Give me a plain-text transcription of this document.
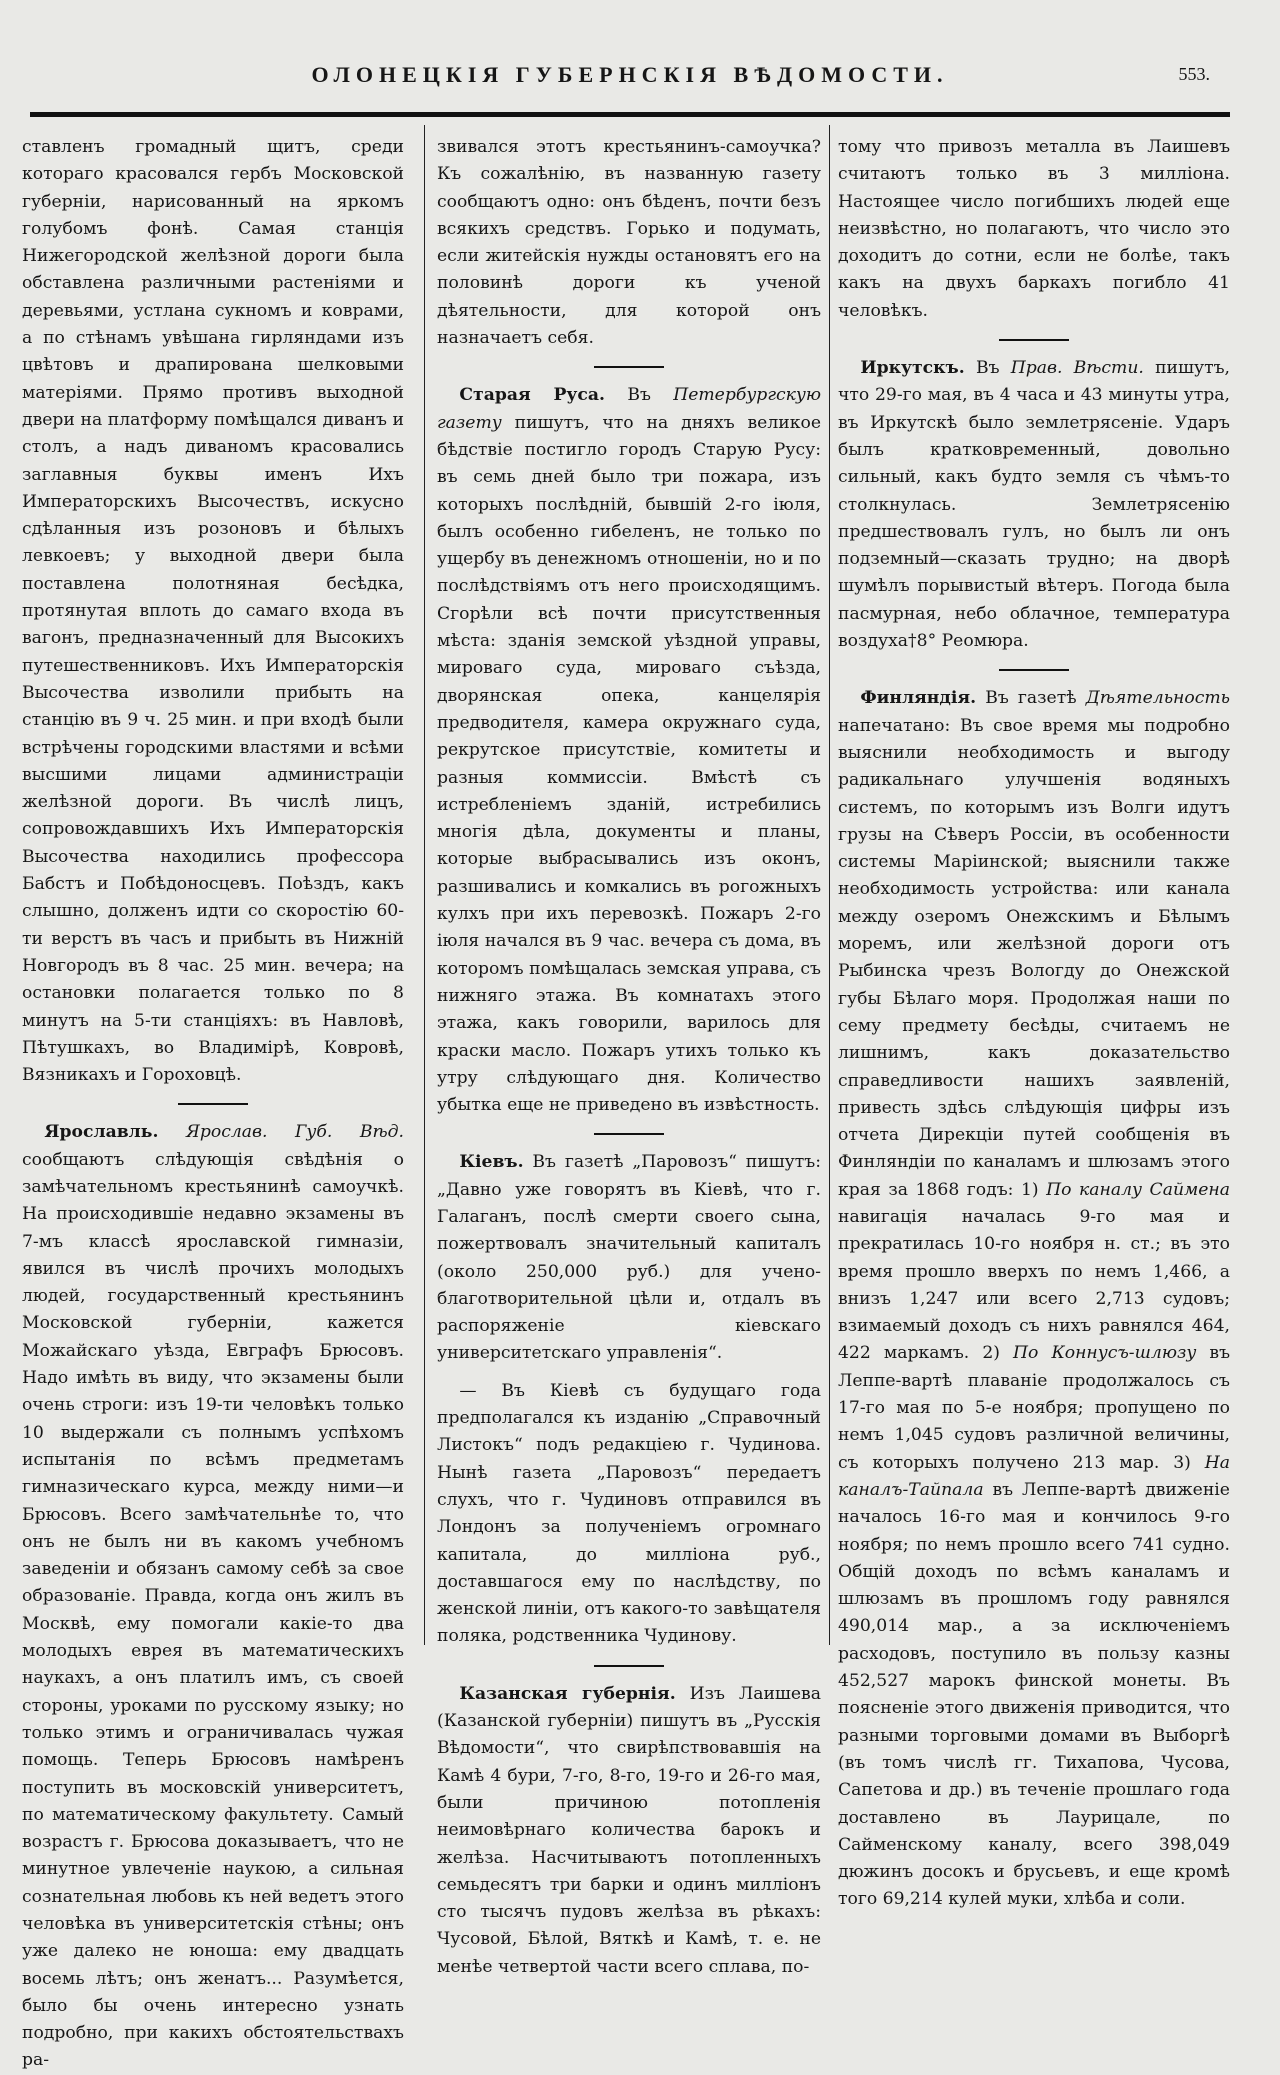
ОЛОНЕЦКІЯ ГУБЕРНСКІЯ ВѢДОМОСТИ.	553.

ставленъ громадный щитъ, среди котораго красовался гербъ Московской губерніи, нарисованный на яркомъ голубомъ фонѣ. Самая станція Нижегородской желѣзной дороги была обставлена различными растеніями и деревьями, устлана сукномъ и коврами, а по стѣнамъ увѣшана гирляндами изъ цвѣтовъ и драпирована шелковыми матеріями. Прямо противъ выходной двери на платформу помѣщался диванъ и столъ, а надъ диваномъ красовались заглавныя буквы именъ Ихъ Императорскихъ Высочествъ, искусно сдѣланныя изъ розоновъ и бѣлыхъ левкоевъ; у выходной двери была поставлена полотняная бесѣдка, протянутая вплоть до самаго входа въ вагонъ, предназначенный для Высокихъ путешественниковъ. Ихъ Императорскія Высочества изволили прибыть на станцію въ 9 ч. 25 мин. и при входѣ были встрѣчены городскими властями и всѣми высшими лицами администраціи желѣзной дороги. Въ числѣ лицъ, сопровождавшихъ Ихъ Императорскія Высочества находились профессора Бабстъ и Побѣдоносцевъ. Поѣздъ, какъ слышно, долженъ идти со скоростію 60-ти верстъ въ часъ и прибыть въ Нижній Новгородъ въ 8 час. 25 мин. вечера; на остановки полагается только по 8 минутъ на 5-ти станціяхъ: въ Навловѣ, Пѣтушкахъ, во Владимірѣ, Ковровѣ, Вязникахъ и Гороховцѣ.

Ярославль. Ярослав. Губ. Вѣд. сообщаютъ слѣдующія свѣдѣнія о замѣчательномъ крестьянинѣ самоучкѣ. На происходившіе недавно экзамены въ 7-мъ классѣ ярославской гимназіи, явился въ числѣ прочихъ молодыхъ людей, государственный крестьянинъ Московской губерніи, кажется Можайскаго уѣзда, Евграфъ Брюсовъ. Надо имѣть въ виду, что экзамены были очень строги: изъ 19-ти человѣкъ только 10 выдержали съ полнымъ успѣхомъ испытанія по всѣмъ предметамъ гимназическаго курса, между ними—и Брюсовъ. Всего замѣчательнѣе то, что онъ не былъ ни въ какомъ учебномъ заведеніи и обязанъ самому себѣ за свое образованіе. Правда, когда онъ жилъ въ Москвѣ, ему помогали какіе-то два молодыхъ еврея въ математическихъ наукахъ, а онъ платилъ имъ, съ своей стороны, уроками по русскому языку; но только этимъ и ограничивалась чужая помощь. Теперь Брюсовъ намѣренъ поступить въ московскій университетъ, по математическому факультету. Самый возрастъ г. Брюсова доказываетъ, что не минутное увлеченіе наукою, а сильная сознательная любовь къ ней ведетъ этого человѣка въ университетскія стѣны; онъ уже далеко не юноша: ему двадцать восемь лѣтъ; онъ женатъ... Разумѣется, было бы очень интересно узнать подробно, при какихъ обстоятельствахъ ра-

звивался этотъ крестьянинъ-самоучка? Къ сожалѣнію, въ названную газету сообщаютъ одно: онъ бѣденъ, почти безъ всякихъ средствъ. Горько и подумать, если житейскія нужды остановятъ его на половинѣ дороги къ ученой дѣятельности, для которой онъ назначаетъ себя.

Старая Руса. Въ Петербургскую газету пишутъ, что на дняхъ великое бѣдствіе постигло городъ Старую Русу: въ семь дней было три пожара, изъ которыхъ послѣдній, бывшій 2-го іюля, былъ особенно гибеленъ, не только по ущербу въ денежномъ отношеніи, но и по послѣдствіямъ отъ него происходящимъ. Сгорѣли всѣ почти присутственныя мѣста: зданія земской уѣздной управы, мироваго суда, мироваго съѣзда, дворянская опека, канцелярія предводителя, камера окружнаго суда, рекрутское присутствіе, комитеты и разныя коммиссіи. Вмѣстѣ съ истребленіемъ зданій, истребились многія дѣла, документы и планы, которые выбрасывались изъ оконъ, разшивались и комкались въ рогожныхъ кулхъ при ихъ перевозкѣ. Пожаръ 2-го іюля начался въ 9 час. вечера съ дома, въ которомъ помѣщалась земская управа, съ нижняго этажа. Въ комнатахъ этого этажа, какъ говорили, варилось для краски масло. Пожаръ утихъ только къ утру слѣдующаго дня. Количество убытка еще не приведено въ извѣстность.

Кіевъ. Въ газетѣ „Паровозъ“ пишутъ: „Давно уже говорятъ въ Кіевѣ, что г. Галаганъ, послѣ смерти своего сына, пожертвовалъ значительный капиталъ (около 250,000 руб.) для учено-благотворительной цѣли и, отдалъ въ распоряженіе кіевскаго университетскаго управленія“.

— Въ Кіевѣ съ будущаго года предполагался къ изданію „Справочный Листокъ“ подъ редакціею г. Чудинова. Нынѣ газета „Паровозъ“ передаетъ слухъ, что г. Чудиновъ отправился въ Лондонъ за полученіемъ огромнаго капитала, до милліона руб., доставшагося ему по наслѣдству, по женской линіи, отъ какого-то завѣщателя поляка, родственника Чудинову.

Казанская губернія. Изъ Лаишева (Казанской губерніи) пишутъ въ „Русскія Вѣдомости“, что свирѣпствовавшія на Камѣ 4 бури, 7-го, 8-го, 19-го и 26-го мая, были причиною потопленія неимовѣрнаго количества барокъ и желѣза. Насчитываютъ потопленныхъ семьдесятъ три барки и одинъ милліонъ сто тысячъ пудовъ желѣза въ рѣкахъ: Чусовой, Бѣлой, Вяткѣ и Камѣ, т. е. не менѣе четвертой части всего сплава, по-

тому что привозъ металла въ Лаишевъ считаютъ только въ 3 милліона. Настоящее число погибшихъ людей еще неизвѣстно, но полагаютъ, что число это доходитъ до сотни, если не болѣе, такъ какъ на двухъ баркахъ погибло 41 человѣкъ.

Иркутскъ. Въ Прав. Вѣсти. пишутъ, что 29-го мая, въ 4 часа и 43 минуты утра, въ Иркутскѣ было землетрясеніе. Ударъ былъ кратковременный, довольно сильный, какъ будто земля съ чѣмъ-то столкнулась. Землетрясенію предшествовалъ гулъ, но былъ ли онъ подземный—сказать трудно; на дворѣ шумѣлъ порывистый вѣтеръ. Погода была пасмурная, небо облачное, температура воздуха†8° Реомюра.

Финляндія. Въ газетѣ Дѣятельность напечатано: Въ свое время мы подробно выяснили необходимость и выгоду радикальнаго улучшенія водяныхъ системъ, по которымъ изъ Волги идутъ грузы на Сѣверъ Россіи, въ особенности системы Маріинской; выяснили также необходимость устройства: или канала между озеромъ Онежскимъ и Бѣлымъ моремъ, или желѣзной дороги отъ Рыбинска чрезъ Вологду до Онежской губы Бѣлаго моря. Продолжая наши по сему предмету бесѣды, считаемъ не лишнимъ, какъ доказательство справедливости нашихъ заявленій, привесть здѣсь слѣдующія цифры изъ отчета Дирекціи путей сообщенія въ Финляндіи по каналамъ и шлюзамъ этого края за 1868 годъ: 1) По каналу Саймена навигація началась 9-го мая и прекратилась 10-го ноября н. ст.; въ это время прошло вверхъ по немъ 1,466, а внизъ 1,247 или всего 2,713 судовъ; взимаемый доходъ съ нихъ равнялся 464, 422 маркамъ. 2) По Коннусъ-шлюзу въ Леппе-вартѣ плаваніе продолжалось съ 17-го мая по 5-е ноября; пропущено по немъ 1,045 судовъ различной величины, съ которыхъ получено 213 мар. 3) На каналъ-Тайпала въ Леппе-вартѣ движеніе началось 16-го мая и кончилось 9-го ноября; по немъ прошло всего 741 судно. Общій доходъ по всѣмъ каналамъ и шлюзамъ въ прошломъ году равнялся 490,014 мар., а за исключеніемъ расходовъ, поступило въ пользу казны 452,527 марокъ финской монеты. Въ поясненіе этого движенія приводится, что разными торговыми домами въ Выборгѣ (въ томъ числѣ гг. Тихапова, Чусова, Сапетова и др.) въ теченіе прошлаго года доставлено въ Лаурицале, по Сайменскому каналу, всего 398,049 дюжинъ досокъ и брусьевъ, и еще кромѣ того 69,214 кулей муки, хлѣба и соли.
